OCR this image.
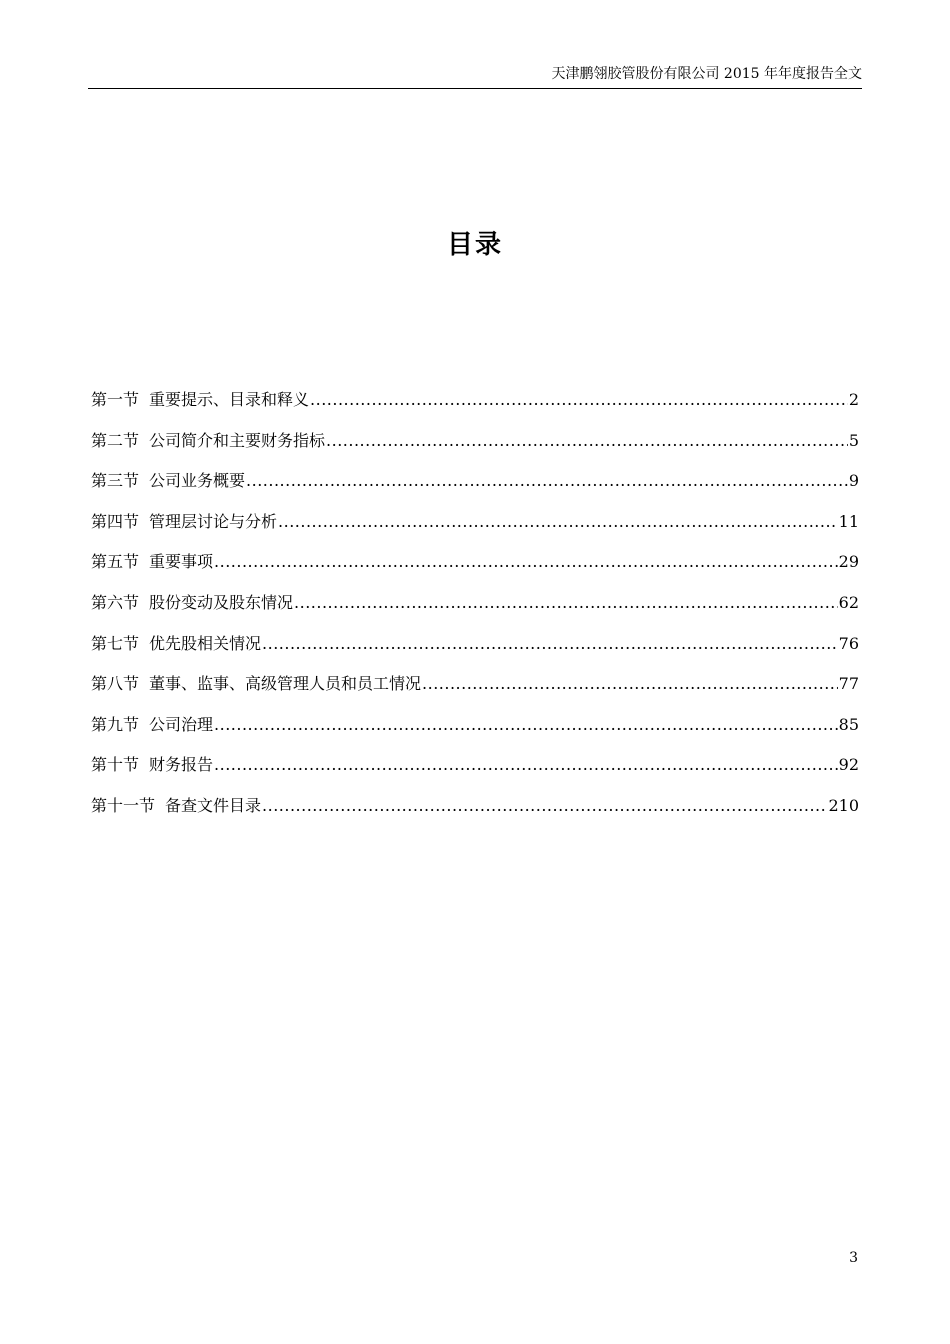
天津鹏翎胶管股份有限公司 2015 年年度报告全文
目录
第一节 重要提示、目录和释义 .....	2
第二节 公司简介和主要财务指标 .....	5
第三节 公司业务概要 .....	9
第四节 管理层讨论与分析 .....	11
第五节 重要事项 .....	29
第六节 股份变动及股东情况 .....	62
第七节 优先股相关情况 .....	76
第八节 董事、监事、高级管理人员和员工情况 .....	77
第九节 公司治理 .....	85
第十节 财务报告 .....	92
第十一节 备查文件目录 .....	210
3
